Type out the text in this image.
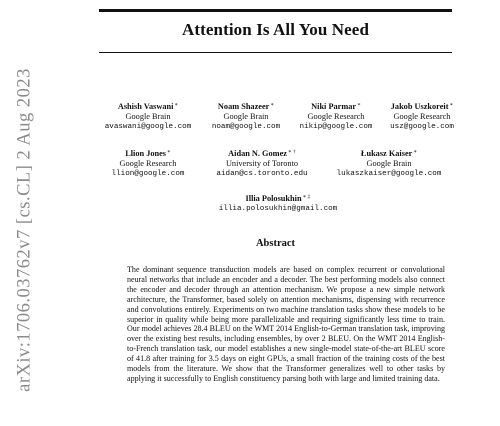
Attention Is All You Need
arXiv:1706.03762v7 [cs.CL] 2 Aug 2023	Ashish Vaswani∗
Google Brain
avaswani@google.com
Noam Shazeer∗
Google Brain
noam@google.com
Niki Parmar∗
Google Research
nikip@google.com
Jakob Uszkoreit∗
Google Research
usz@google.com
Llion Jones∗
Google Research
llion@google.com
Aidan N. Gomez∗ †
University of Toronto
aidan@cs.toronto.edu
Łukasz Kaiser∗
Google Brain
lukaszkaiser@google.com
Illia Polosukhin∗ ‡
illia.polosukhin@gmail.com
Abstract

The dominant sequence transduction models are based on complex recurrent or convolutional neural networks that include an encoder and a decoder. The best performing models also connect the encoder and decoder through an attention mechanism. We propose a new simple network architecture, the Transformer, based solely on attention mechanisms, dispensing with recurrence and convolutions entirely. Experiments on two machine translation tasks show these models to be superior in quality while being more parallelizable and requiring significantly less time to train. Our model achieves 28.4 BLEU on the WMT 2014 English-to-German translation task, improving over the existing best results, including ensembles, by over 2 BLEU. On the WMT 2014 English-to-French translation task, our model establishes a new single-model state-of-the-art BLEU score of 41.8 after training for 3.5 days on eight GPUs, a small fraction of the training costs of the best models from the literature. We show that the Transformer generalizes well to other tasks by applying it successfully to English constituency parsing both with large and limited training data.
